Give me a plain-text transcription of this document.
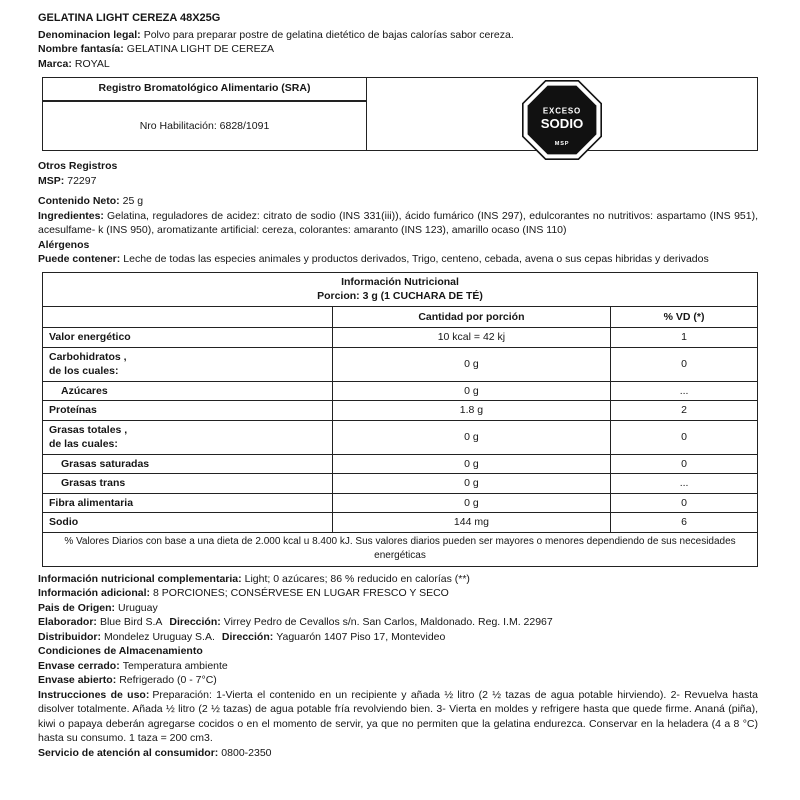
GELATINA LIGHT CEREZA 48X25G
Denominacion legal: Polvo para preparar postre de gelatina dietético de bajas calorías sabor cereza.
Nombre fantasía: GELATINA LIGHT DE CEREZA
Marca: ROYAL
Registro Bromatológico Alimentario (SRA)
Nro Habilitación: 6828/1091
EXCESO
SODIO
MSP
Otros Registros
MSP: 72297
Contenido Neto: 25 g
Ingredientes: Gelatina, reguladores de acidez: citrato de sodio (INS 331(iii)), ácido fumárico (INS 297), edulcorantes no nutritivos: aspartamo (INS 951), acesulfame- k (INS 950), aromatizante artificial: cereza, colorantes: amaranto (INS 123), amarillo ocaso (INS 110)
Alérgenos
Puede contener: Leche de todas las especies animales y productos derivados, Trigo, centeno, cebada, avena o sus cepas hibridas y derivados
Información Nutricional
Porcion: 3 g (1 CUCHARA DE TÉ)		

	Cantidad por porción	% VD (*)

Valor energético	10 kcal = 42 kj	1

Carbohidratos ,
de los cuales:	0 g	0

Azúcares	0 g	...

Proteínas	1.8 g	2

Grasas totales ,
de las cuales:	0 g	0

Grasas saturadas	0 g	0

Grasas trans	0 g	...

Fibra alimentaria	0 g	0

Sodio	144 mg	6
% Valores Diarios con base a una dieta de 2.000 kcal u 8.400 kJ. Sus valores diarios pueden ser mayores o menores dependiendo de sus necesidades energéticas		
Información nutricional complementaria: Light; 0 azúcares; 86 % reducido en calorías (**)
Información adicional: 8 PORCIONES; CONSÉRVESE EN LUGAR FRESCO Y SECO
Pais de Origen: Uruguay
Elaborador: Blue Bird S.A Dirección: Virrey Pedro de Cevallos s/n. San Carlos, Maldonado. Reg. I.M. 22967
Distribuidor: Mondelez Uruguay S.A. Dirección: Yaguarón 1407 Piso 17, Montevideo
Condiciones de Almacenamiento
Envase cerrado: Temperatura ambiente
Envase abierto: Refrigerado (0 - 7°C)
Instrucciones de uso: Preparación: 1-Vierta el contenido en un recipiente y añada ½ litro (2 ½ tazas de agua potable hirviendo). 2- Revuelva hasta disolver totalmente. Añada ½ litro (2 ½ tazas) de agua potable fría revolviendo bien. 3- Vierta en moldes y refrigere hasta que quede firme. Ananá (piña), kiwi o papaya deberán agregarse cocidos o en el momento de servir, ya que no permiten que la gelatina endurezca. Conservar en la heladera (4 a 8 °C) hasta su consumo. 1 taza = 200 cm3.
Servicio de atención al consumidor: 0800-2350
